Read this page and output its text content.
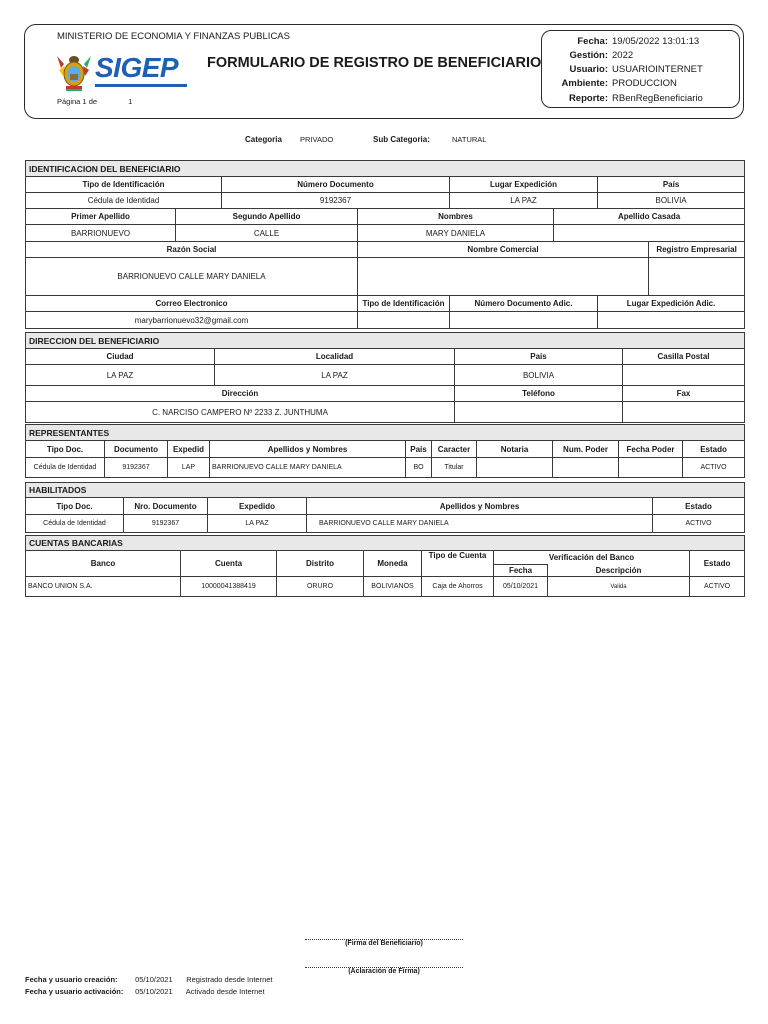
MINISTERIO DE ECONOMIA Y FINANZAS PUBLICAS
SIGEP FORMULARIO DE REGISTRO DE BENEFICIARIO
Página 1 de	1
Fecha: 19/05/2022 13:01:13
Gestión: 2022
Usuario: USUARIOINTERNET
Ambiente: PRODUCCION
Reporte: RBenRegBeneficiario
Categoria PRIVADO	Sub Categoria:	NATURAL
IDENTIFICACION DEL BENEFICIARIO							
Tipo de Identificación		Número Documento		Lugar Expedición		País	
Cédula de Identidad		9192367		LA PAZ		BOLIVIA	
Primer Apellido	Segundo Apellido		Nombres		Apellido Casada		
BARRIONUEVO	CALLE		MARY DANIELA				
Razón Social			Nombre Comercial				Registro Empresarial
BARRIONUEVO CALLE MARY DANIELA							
Correo Electronico			Tipo de Identificación	Número Documento Adic.		Lugar Expedición Adic.	
marybarrionuevo32@gmail.com							
DIRECCION DEL BENEFICIARIO			
Ciudad	Localidad	País	Casilla Postal
LA PAZ	LA PAZ	BOLIVIA	
Dirección		Teléfono	Fax
C. NARCISO CAMPERO Nº 2233 Z. JUNTHUMA			
REPRESENTANTES									
Tipo Doc.	Documento	Expedid	Apellidos y Nombres	País	Caracter	Notaria	Num. Poder	Fecha Poder	Estado
Cédula de Identidad	9192367	LAP	BARRIONUEVO CALLE MARY DANIELA	BO	Titular				ACTIVO
HABILITADOS				
Tipo Doc.	Nro. Documento	Expedido	Apellidos y Nombres	Estado
Cédula de Identidad	9192367	LA PAZ	BARRIONUEVO CALLE MARY DANIELA	ACTIVO
CUENTAS BANCARIAS							
Banco	Cuenta	Distrito	Moneda	Tipo de Cuenta	Verificación del Banco		Estado
					Fecha	Descripción	
BANCO UNION S.A.	10000041388419	ORURO	BOLIVIANOS	Caja de Ahorros	05/10/2021	Valida	ACTIVO
(Firma del Beneficiario)
(Aclaración de Firma)
Fecha y usuario creación: 05/10/2021 Registrado desde Internet
Fecha y usuario activación: 05/10/2021 Activado desde Internet
